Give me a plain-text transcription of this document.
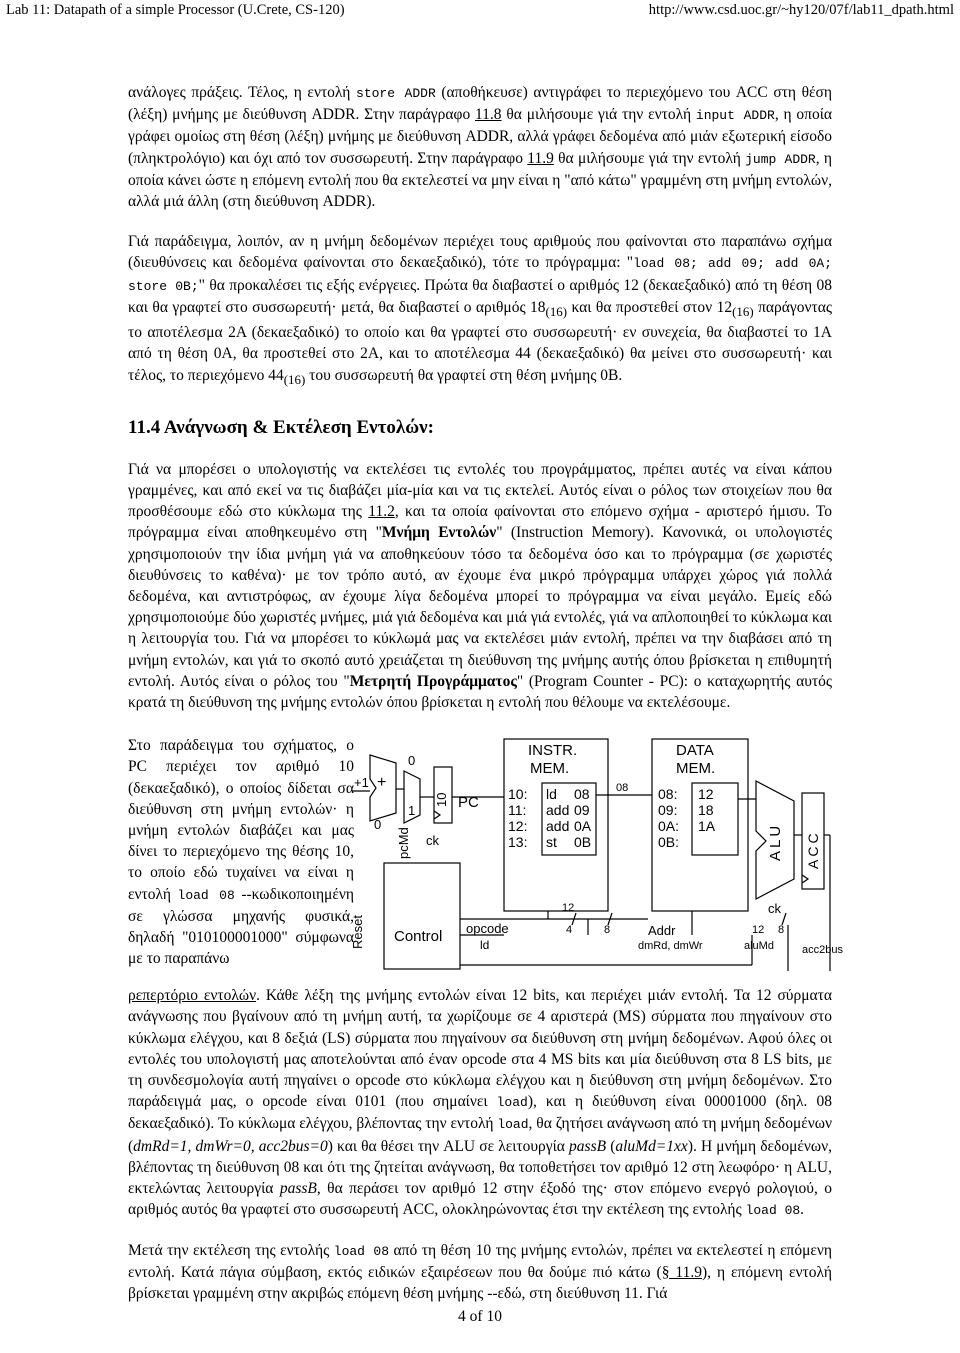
Lab 11: Datapath of a simple Processor (U.Crete, CS-120)	http://www.csd.uoc.gr/~hy120/07f/lab11_dpath.html

ανάλογες πράξεις. Τέλος, η εντολή store ADDR (αποθήκευσε) αντιγράφει το περιεχόμενο του ACC στη θέση (λέξη) μνήμης με διεύθυνση ADDR. Στην παράγραφο 11.8 θα μιλήσουμε γιά την εντολή input ADDR, η οποία γράφει ομοίως στη θέση (λέξη) μνήμης με διεύθυνση ADDR, αλλά γράφει δεδομένα από μιάν εξωτερική είσοδο (πληκτρολόγιο) και όχι από τον συσσωρευτή. Στην παράγραφο 11.9 θα μιλήσουμε γιά την εντολή jump ADDR, η οποία κάνει ώστε η επόμενη εντολή που θα εκτελεστεί να μην είναι η "από κάτω" γραμμένη στη μνήμη εντολών, αλλά μιά άλλη (στη διεύθυνση ADDR).

Γιά παράδειγμα, λοιπόν, αν η μνήμη δεδομένων περιέχει τους αριθμούς που φαίνονται στο παραπάνω σχήμα (διευθύνσεις και δεδομένα φαίνονται στο δεκαεξαδικό), τότε το πρόγραμμα: "load 08; add 09; add 0A; store 0B;" θα προκαλέσει τις εξής ενέργειες. Πρώτα θα διαβαστεί ο αριθμός 12 (δεκαεξαδικό) από τη θέση 08 και θα γραφτεί στο συσσωρευτή· μετά, θα διαβαστεί ο αριθμός $18_{(16)}$ και θα προστεθεί στον $12_{(16)}$ παράγοντας το αποτέλεσμα 2A (δεκαεξαδικό) το οποίο και θα γραφτεί στο συσσωρευτή· εν συνεχεία, θα διαβαστεί το 1A από τη θέση 0A, θα προστεθεί στο 2A, και το αποτέλεσμα 44 (δεκαεξαδικό) θα μείνει στο συσσωρευτή· και τέλος, το περιεχόμενο $44_{(16)}$ του συσσωρευτή θα γραφτεί στη θέση μνήμης 0B.

11.4 Ανάγνωση & Εκτέλεση Εντολών:

Γιά να μπορέσει ο υπολογιστής να εκτελέσει τις εντολές του προγράμματος, πρέπει αυτές να είναι κάπου γραμμένες, και από εκεί να τις διαβάζει μία-μία και να τις εκτελεί. Αυτός είναι ο ρόλος των στοιχείων που θα προσθέσουμε εδώ στο κύκλωμα της 11.2, και τα οποία φαίνονται στο επόμενο σχήμα - αριστερό ήμισυ. Το πρόγραμμα είναι αποθηκευμένο στη "Μνήμη Εντολών" (Instruction Memory). Κανονικά, οι υπολογιστές χρησιμοποιούν την ίδια μνήμη γιά να αποθηκεύουν τόσο τα δεδομένα όσο και το πρόγραμμα (σε χωριστές διευθύνσεις το καθένα)· με τον τρόπο αυτό, αν έχουμε ένα μικρό πρόγραμμα υπάρχει χώρος γιά πολλά δεδομένα, και αντιστρόφως, αν έχουμε λίγα δεδομένα μπορεί το πρόγραμμα να είναι μεγάλο. Εμείς εδώ χρησιμοποιούμε δύο χωριστές μνήμες, μιά γιά δεδομένα και μιά γιά εντολές, γιά να απλοποιηθεί το κύκλωμα και η λειτουργία του. Γιά να μπορέσει το κύκλωμά μας να εκτελέσει μιάν εντολή, πρέπει να την διαβάσει από τη μνήμη εντολών, και γιά το σκοπό αυτό χρειάζεται τη διεύθυνση της μνήμης αυτής όπου βρίσκεται η επιθυμητή εντολή. Αυτός είναι ο ρόλος του "Μετρητή Προγράμματος" (Program Counter - PC): ο καταχωρητής αυτός κρατά τη διεύθυνση της μνήμης εντολών όπου βρίσκεται η εντολή που θέλουμε να εκτελέσουμε.

Στο παράδειγμα του σχήματος, ο PC περιέχει τον αριθμό 10 (δεκαεξαδικό), ο οποίος δίδεται σα διεύθυνση στη μνήμη εντολών· η μνήμη εντολών διαβάζει και μας δίνει το περιεχόμενο της θέσης 10, το οποίο εδώ τυχαίνει να είναι η εντολή load 08 --κωδικοποιημένη σε γλώσσα μηχανής φυσικά, δηλαδή "010100001000" σύμφωνα με το παραπάνω

+1 +
0
1
0
10 PC
ck
pcMd
Reset Control opcode
ld
Addr
12
4	8
08
dmRd, dmWr	aluMd	acc2bus
12 8
ck
ALU ACC
INSTR.
MEM.
DATA
MEM.
10: ld 08
11: add 09
12: add 0A
13: st 0B
08: 12
09: 18
0A: 1A
0B:

ρεπερτόριο εντολών. Κάθε λέξη της μνήμης εντολών είναι 12 bits, και περιέχει μιάν εντολή. Τα 12 σύρματα ανάγνωσης που βγαίνουν από τη μνήμη αυτή, τα χωρίζουμε σε 4 αριστερά (MS) σύρματα που πηγαίνουν στο κύκλωμα ελέγχου, και 8 δεξιά (LS) σύρματα που πηγαίνουν σα διεύθυνση στη μνήμη δεδομένων. Αφού όλες οι εντολές του υπολογιστή μας αποτελούνται από έναν opcode στα 4 MS bits και μία διεύθυνση στα 8 LS bits, με τη συνδεσμολογία αυτή πηγαίνει ο opcode στο κύκλωμα ελέγχου και η διεύθυνση στη μνήμη δεδομένων. Στο παράδειγμά μας, ο opcode είναι 0101 (που σημαίνει load), και η διεύθυνση είναι 00001000 (δηλ. 08 δεκαεξαδικό). Το κύκλωμα ελέγχου, βλέποντας την εντολή load, θα ζητήσει ανάγνωση από τη μνήμη δεδομένων (dmRd=1, dmWr=0, acc2bus=0) και θα θέσει την ALU σε λειτουργία passB (aluMd=1xx). Η μνήμη δεδομένων, βλέποντας τη διεύθυνση 08 και ότι της ζητείται ανάγνωση, θα τοποθετήσει τον αριθμό 12 στη λεωφόρο· η ALU, εκτελώντας λειτουργία passB, θα περάσει τον αριθμό 12 στην έξοδό της· στον επόμενο ενεργό ρολογιού, ο αριθμός αυτός θα γραφτεί στο συσσωρευτή ACC, ολοκληρώνοντας έτσι την εκτέλεση της εντολής load 08.

Μετά την εκτέλεση της εντολής load 08 από τη θέση 10 της μνήμης εντολών, πρέπει να εκτελεστεί η επόμενη εντολή. Κατά πάγια σύμβαση, εκτός ειδικών εξαιρέσεων που θα δούμε πιό κάτω (§ 11.9), η επόμενη εντολή βρίσκεται γραμμένη στην ακριβώς επόμενη θέση μνήμης --εδώ, στη διεύθυνση 11. Γιά

4 of 10
